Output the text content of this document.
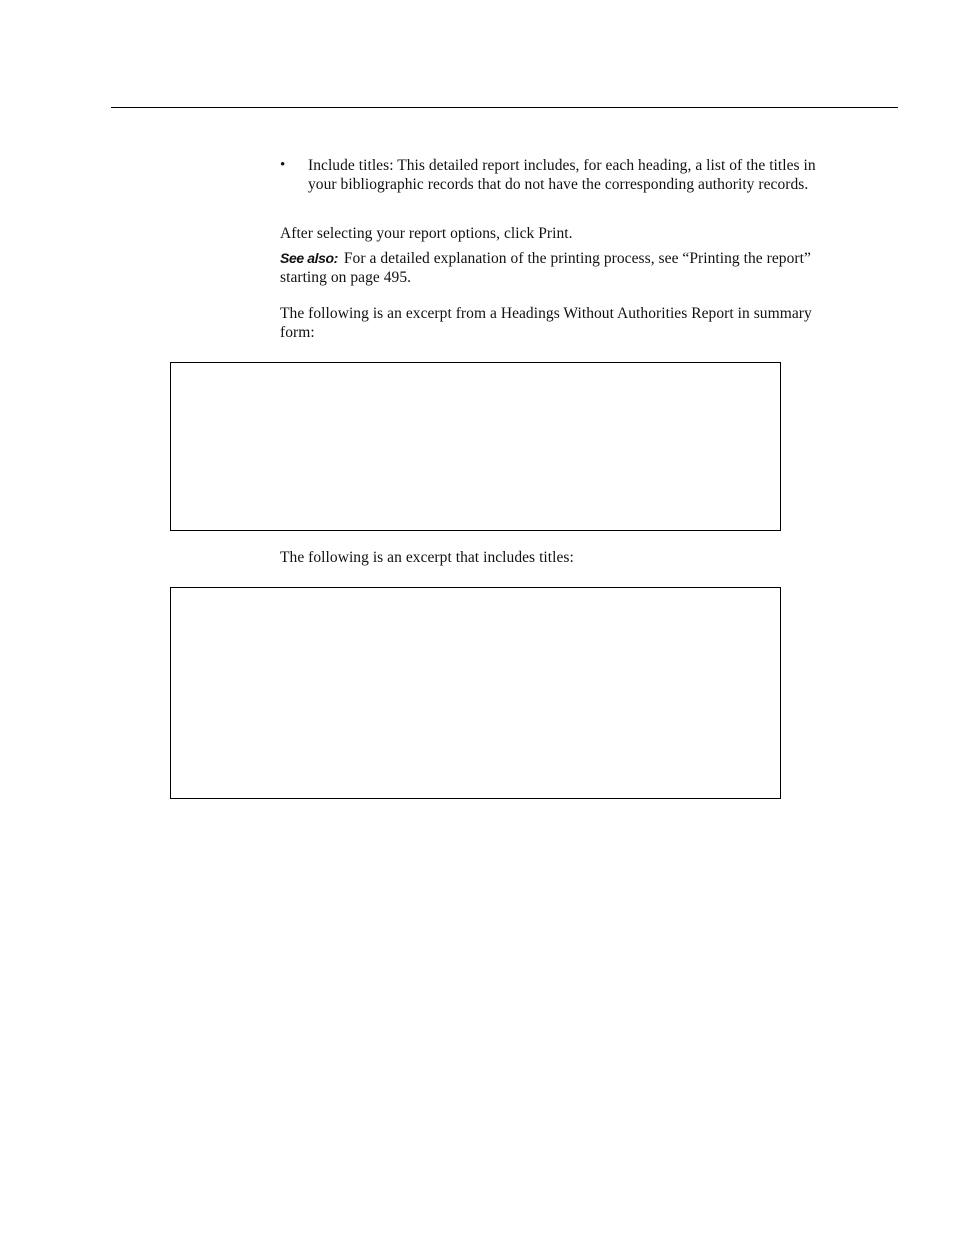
• Include titles: This detailed report includes, for each heading, a list of the titles in your bibliographic records that do not have the corresponding authority records.
After selecting your report options, click Print.
See also: For a detailed explanation of the printing process, see “Printing the report” starting on page 495.
The following is an excerpt from a Headings Without Authorities Report in summary form:
The following is an excerpt that includes titles:
